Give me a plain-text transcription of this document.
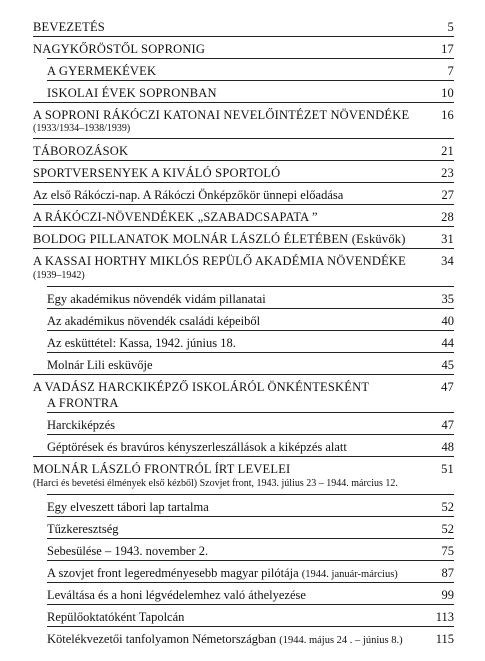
BEVEZETÉS	5
NAGYKŐRÖSTŐL SOPRONIG	17
A GYERMEKÉVEK	7
ISKOLAI ÉVEK SOPRONBAN	10
A SOPRONI RÁKÓCZI KATONAI NEVELŐINTÉZET NÖVENDÉKE	16
(1933/1934–1938/1939)
TÁBOROZÁSOK	21
SPORTVERSENYEK A KIVÁLÓ SPORTOLÓ	23
Az első Rákóczi-nap. A Rákóczi Önképzőkör ünnepi előadása	27
A RÁKÓCZI-NÖVENDÉKEK „SZABADCSAPATA ”	28
BOLDOG PILLANATOK MOLNÁR LÁSZLÓ ÉLETÉBEN (Esküvők)	31
A KASSAI HORTHY MIKLÓS REPÜLŐ AKADÉMIA NÖVENDÉKE	34
(1939–1942)
Egy akadémikus növendék vidám pillanatai	35
Az akadémikus növendék családi képeiből	40
Az esküttétel: Kassa, 1942. június 18.	44
Molnár Lili esküvője	45
A VADÁSZ HARCKIKÉPZŐ ISKOLÁRÓL ÖNKÉNTESKÉNT	47
A FRONTRA
Harckiképzés	47
Géptörések és bravúros kényszerleszállások a kiképzés alatt	48
MOLNÁR LÁSZLÓ FRONTRÓL ÍRT LEVELEI	51
(Harci és bevetési élmények első kézből) Szovjet front, 1943. július 23 – 1944. március 12.
Egy elveszett tábori lap tartalma	52
Tűzkeresztség	52
Sebesülése – 1943. november 2.	75
A szovjet front legeredményesebb magyar pilótája (1944. január-március)	87
Leváltása és a honi légvédelemhez való áthelyezése	99
Repülőoktatóként Tapolcán	113
Kötelékvezetői tanfolyamon Németországban (1944. május 24 . – június 8.)	115
